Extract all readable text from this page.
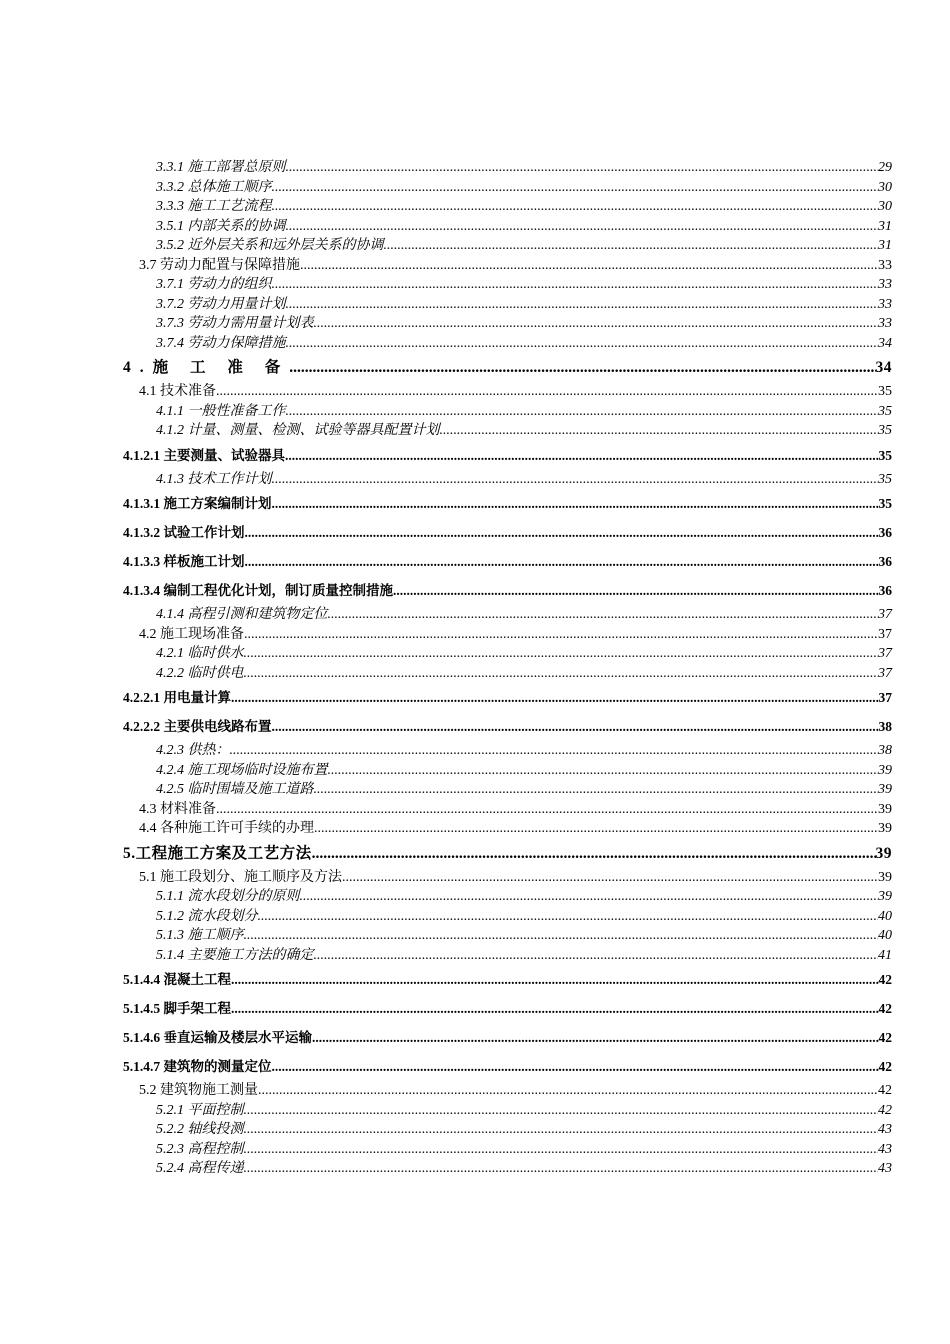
3.3.1 施工部署总原则 .....	29
3.3.2 总体施工顺序 .....	30
3.3.3 施工工艺流程 .....	30
3.5.1 内部关系的协调 .....	31
3.5.2 近外层关系和远外层关系的协调 .....	31
3.7 劳动力配置与保障措施 .....	33
3.7.1 劳动力的组织 .....	33
3.7.2 劳动力用量计划 .....	33
3.7.3 劳动力需用量计划表 .....	33
3.7.4 劳动力保障措施 .....	34
4.施 工 准 备 .....	34
4.1 技术准备 .....	35
4.1.1 一般性准备工作 .....	35
4.1.2 计量、测量、检测、试验等器具配置计划 .....	35
4.1.2.1 主要测量、试验器具 .....	35
4.1.3 技术工作计划 .....	35
4.1.3.1 施工方案编制计划 .....	35
4.1.3.2 试验工作计划 .....	36
4.1.3.3 样板施工计划 .....	36
4.1.3.4 编制工程优化计划，制订质量控制措施 .....	36
4.1.4 高程引测和建筑物定位 .....	37
4.2 施工现场准备 .....	37
4.2.1 临时供水 .....	37
4.2.2 临时供电 .....	37
4.2.2.1 用电量计算 .....	37
4.2.2.2 主要供电线路布置 .....	38
4.2.3 供热： .....	38
4.2.4 施工现场临时设施布置 .....	39
4.2.5 临时围墙及施工道路 .....	39
4.3 材料准备 .....	39
4.4 各种施工许可手续的办理 .....	39
5.工程施工方案及工艺方法 .....	39
5.1 施工段划分、施工顺序及方法 .....	39
5.1.1 流水段划分的原则 .....	39
5.1.2 流水段划分 .....	40
5.1.3 施工顺序 .....	40
5.1.4 主要施工方法的确定 .....	41
5.1.4.4 混凝土工程 .....	42
5.1.4.5 脚手架工程 .....	42
5.1.4.6 垂直运输及楼层水平运输 .....	42
5.1.4.7 建筑物的测量定位 .....	42
5.2 建筑物施工测量 .....	42
5.2.1 平面控制 .....	42
5.2.2 轴线投测 .....	43
5.2.3 高程控制 .....	43
5.2.4 高程传递 .....	43
